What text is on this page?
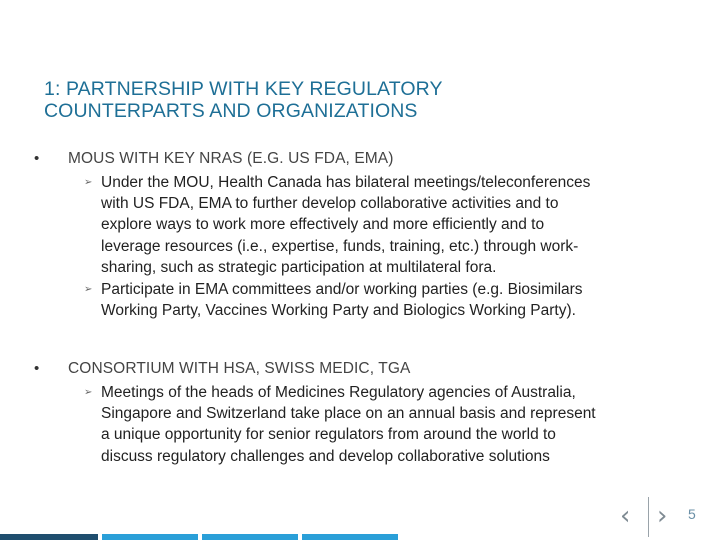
1: PARTNERSHIP WITH KEY REGULATORY
COUNTERPARTS AND ORGANIZATIONS
• MOUS WITH KEY NRAS (E.G. US FDA, EMA)
➢ Under the MOU, Health Canada has bilateral meetings/teleconferences
with US FDA, EMA to further develop collaborative activities and to
explore ways to work more effectively and more efficiently and to
leverage resources (i.e., expertise, funds, training, etc.) through work-
sharing, such as strategic participation at multilateral fora.
➢ Participate in EMA committees and/or working parties (e.g. Biosimilars
Working Party, Vaccines Working Party and Biologics Working Party).
• CONSORTIUM WITH HSA, SWISS MEDIC, TGA
➢ Meetings of the heads of Medicines Regulatory agencies of Australia,
Singapore and Switzerland take place on an annual basis and represent
a unique opportunity for senior regulators from around the world to
discuss regulatory challenges and develop collaborative solutions
‹ › 5
